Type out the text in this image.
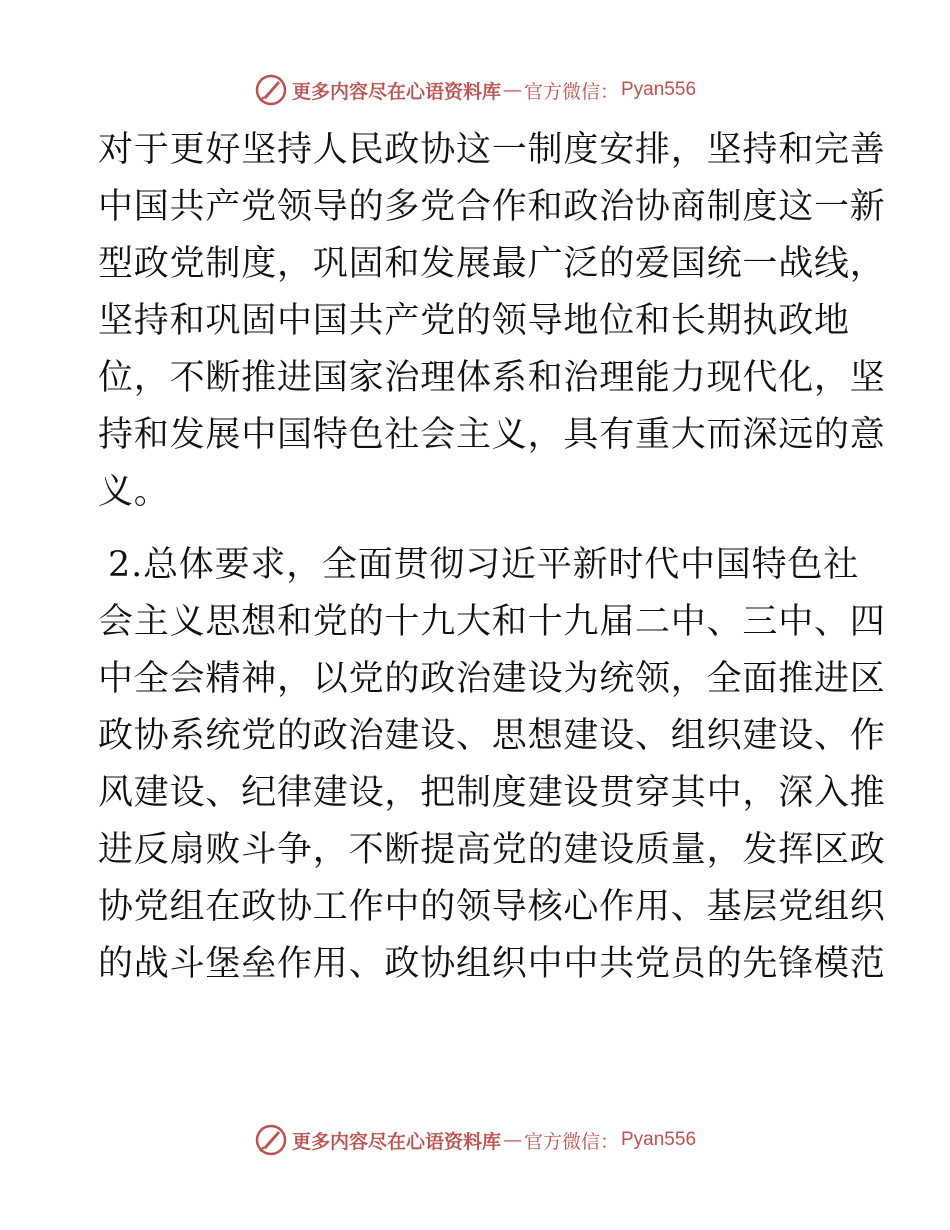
更多内容尽在心语资料库 — 官方微信： Pyan556
对于更好坚持人民政协这一制度安排，坚持和完善
中国共产党领导的多党合作和政治协商制度这一新
型政党制度，巩固和发展最广泛的爱国统一战线，
坚持和巩固中国共产党的领导地位和长期执政地
位，不断推进国家治理体系和治理能力现代化，坚
持和发展中国特色社会主义，具有重大而深远的意
义。
2.总体要求，全面贯彻习近平新时代中国特色社
会主义思想和党的十九大和十九届二中、三中、四
中全会精神，以党的政治建设为统领，全面推进区
政协系统党的政治建设、思想建设、组织建设、作
风建设、纪律建设，把制度建设贯穿其中，深入推
进反扇败斗争，不断提高党的建设质量，发挥区政
协党组在政协工作中的领导核心作用、基层党组织
的战斗堡垒作用、政协组织中中共党员的先锋模范
更多内容尽在心语资料库 — 官方微信： Pyan556
